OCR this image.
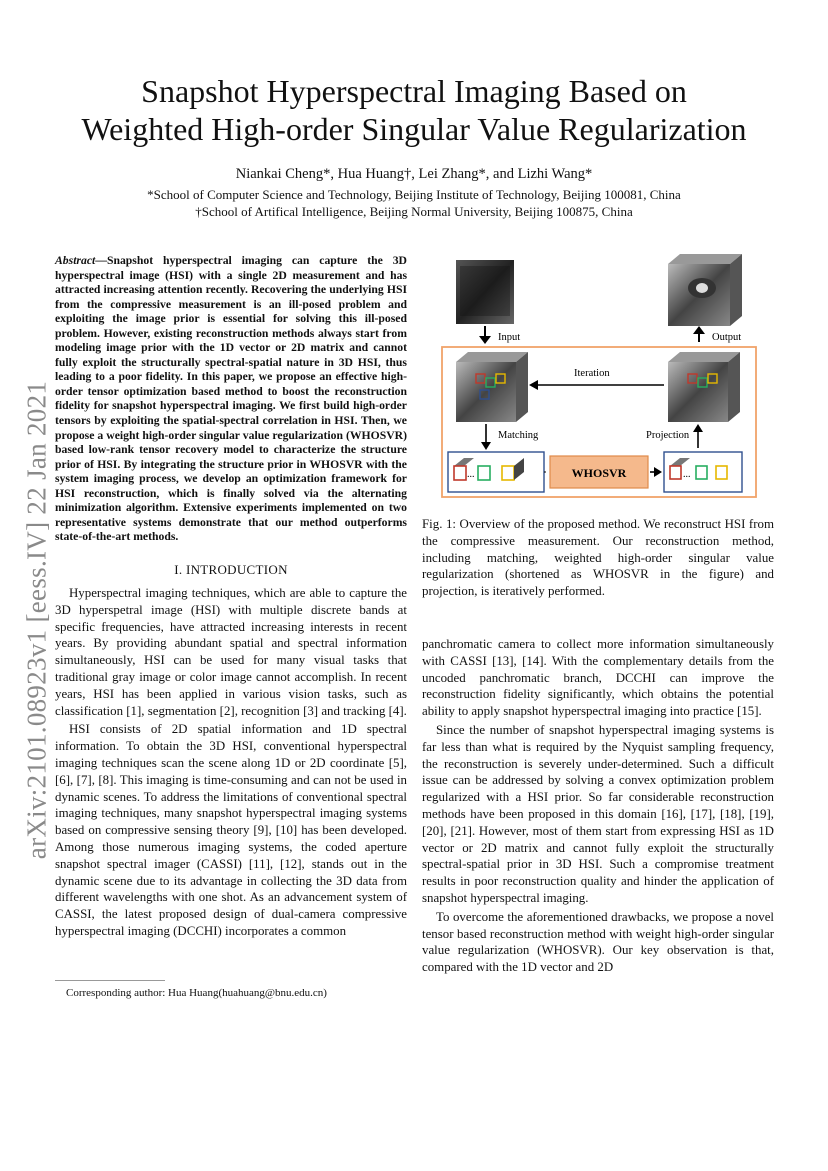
arXiv:2101.08923v1 [eess.IV] 22 Jan 2021
Snapshot Hyperspectral Imaging Based on
Weighted High-order Singular Value Regularization
Niankai Cheng*, Hua Huang†, Lei Zhang*, and Lizhi Wang*
*School of Computer Science and Technology, Beijing Institute of Technology, Beijing 100081, China
†School of Artifical Intelligence, Beijing Normal University, Beijing 100875, China
Abstract—Snapshot hyperspectral imaging can capture the 3D hyperspectral image (HSI) with a single 2D measurement and has attracted increasing attention recently. Recovering the underlying HSI from the compressive measurement is an ill-posed problem and exploiting the image prior is essential for solving this ill-posed problem. However, existing reconstruction methods always start from modeling image prior with the 1D vector or 2D matrix and cannot fully exploit the structurally spectral-spatial nature in 3D HSI, thus leading to a poor fidelity. In this paper, we propose an effective high-order tensor optimization based method to boost the reconstruction fidelity for snapshot hyperspectral imaging. We first build high-order tensors by exploiting the spatial-spectral correlation in HSI. Then, we propose a weight high-order singular value regularization (WHOSVR) based low-rank tensor recovery model to characterize the structure prior of HSI. By integrating the structure prior in WHOSVR with the system imaging process, we develop an optimization framework for HSI reconstruction, which is finally solved via the alternating minimization algorithm. Extensive experiments implemented on two representative systems demonstrate that our method outperforms state-of-the-art methods.
I. INTRODUCTION

Hyperspectral imaging techniques, which are able to capture the 3D hyperspetral image (HSI) with multiple discrete bands at specific frequencies, have attracted increasing interests in recent years. By providing abundant spatial and spectral information simultaneously, HSI can be used for many visual tasks that traditional gray image or color image cannot accomplish. In recent years, HSI has been applied in various vision tasks, such as classification [1], segmentation [2], recognition [3] and tracking [4].

HSI consists of 2D spatial information and 1D spectral information. To obtain the 3D HSI, conventional hyperspectral imaging techniques scan the scene along 1D or 2D coordinate [5], [6], [7], [8]. This imaging is time-consuming and can not be used in dynamic scenes. To address the limitations of conventional spectral imaging techniques, many snapshot hyperspectral imaging systems based on compressive sensing theory [9], [10] has been developed. Among those numerous imaging systems, the coded aperture snapshot spectral imager (CASSI) [11], [12], stands out in the dynamic scene due to its advantage in collecting the 3D data from different wavelengths with one shot. As an advancement system of CASSI, the latest proposed design of dual-camera compressive hyperspectral imaging (DCCHI) incorporates a common

Corresponding author: Hua Huang(huahuang@bnu.edu.cn)
Input	Output
Iteration
Matching	Projection
...	WHOSVR	...
Fig. 1: Overview of the proposed method. We reconstruct HSI from the compressive measurement. Our reconstruction method, including matching, weighted high-order singular value regularization (shortened as WHOSVR in the figure) and projection, is iteratively performed.

panchromatic camera to collect more information simultaneously with CASSI [13], [14]. With the complementary details from the uncoded panchromatic branch, DCCHI can improve the reconstruction fidelity significantly, which obtains the potential ability to apply snapshot hyperspectral imaging into practice [15].

Since the number of snapshot hyperspectral imaging systems is far less than what is required by the Nyquist sampling frequency, the reconstruction is severely under-determined. Such a difficult issue can be addressed by solving a convex optimization problem regularized with a HSI prior. So far considerable reconstruction methods have been proposed in this domain [16], [17], [18], [19], [20], [21]. However, most of them start from expressing HSI as 1D vector or 2D matrix and cannot fully exploit the structurally spectral-spatial prior in 3D HSI. Such a compromise treatment results in poor reconstruction quality and hinder the application of snapshot hyperspectral imaging.

To overcome the aforementioned drawbacks, we propose a novel tensor based reconstruction method with weight high-order singular value regularization (WHOSVR). Our key observation is that, compared with the 1D vector and 2D
